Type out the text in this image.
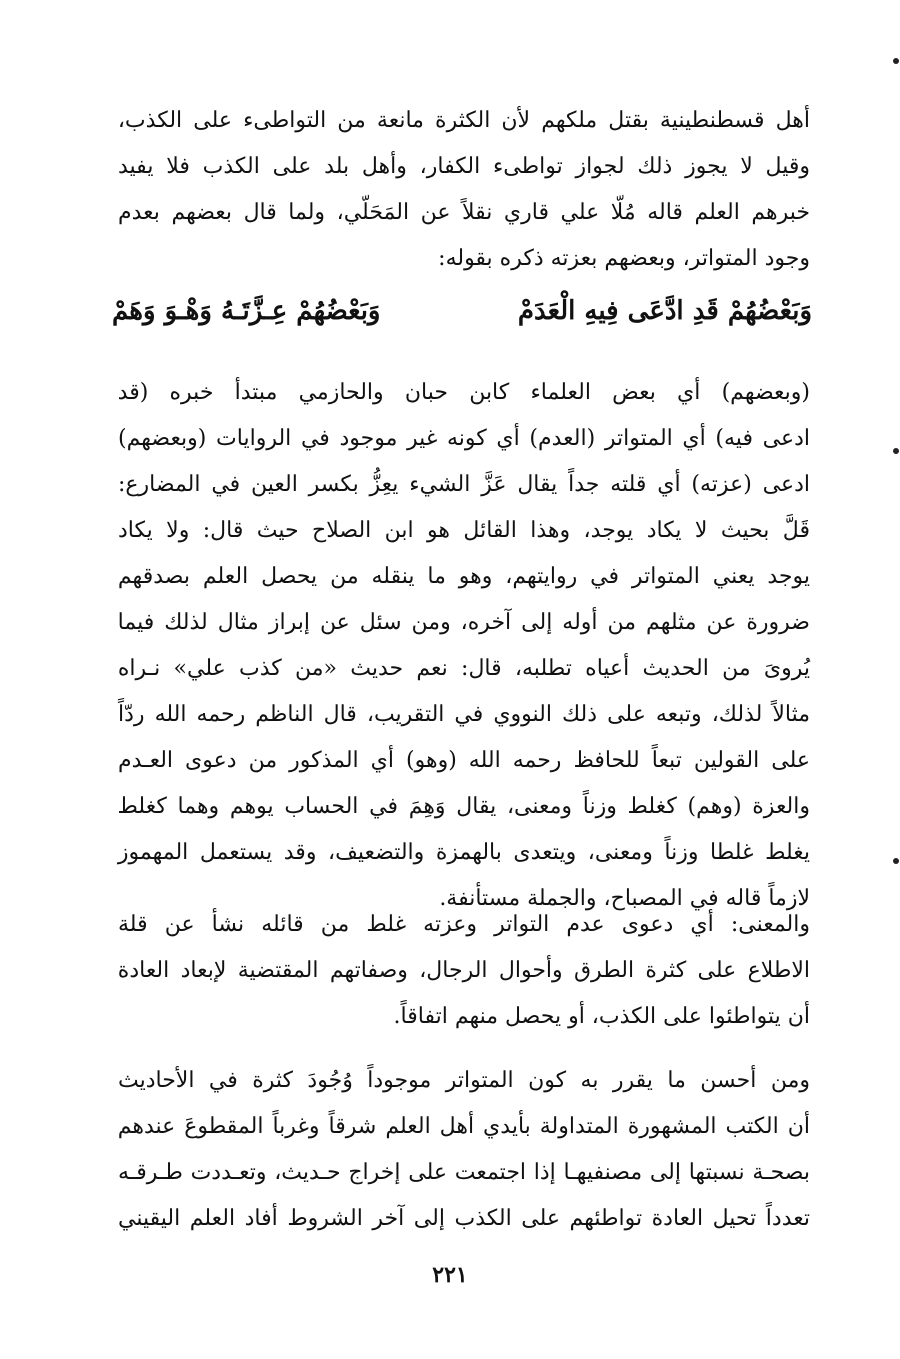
أهل قسطنطينية بقتل ملكهم لأن الكثرة مانعة من التواطىء على الكذب،
وقيل لا يجوز ذلك لجواز تواطىء الكفار، وأهل بلد على الكذب فلا يفيد
خبرهم العلم قاله مُلّا علي قاري نقلاً عن المَحَلّي، ولما قال بعضهم بعدم
وجود المتواتر، وبعضهم بعزته ذكره بقوله:
وَبَعْضُهُمْ قَدِ ادَّعَى فِيهِ الْعَدَمْ
وَبَعْضُهُمْ عِـزَّتَـهُ وَهْـوَ وَهَمْ
(وبعضهم) أي بعض العلماء كابن حبان والحازمي مبتدأ خبره (قد
ادعى فيه) أي المتواتر (العدم) أي كونه غير موجود في الروايات (وبعضهم)
ادعى (عزته) أي قلته جداً يقال عَزَّ الشيء يعِزُّ بكسر العين في المضارع:
قَلَّ بحيث لا يكاد يوجد، وهذا القائل هو ابن الصلاح حيث قال: ولا يكاد
يوجد يعني المتواتر في روايتهم، وهو ما ينقله من يحصل العلم بصدقهم
ضرورة عن مثلهم من أوله إلى آخره، ومن سئل عن إبراز مثال لذلك فيما
يُروىَ من الحديث أعياه تطلبه، قال: نعم حديث «من كذب علي» نـراه
مثالاً لذلك، وتبعه على ذلك النووي في التقريب، قال الناظم رحمه الله ردّاً
على القولين تبعاً للحافظ رحمه الله (وهو) أي المذكور من دعوى العـدم
والعزة (وهم) كغلط وزناً ومعنى، يقال وَهِمَ في الحساب يوهم وهما كغلط
يغلط غلطا وزناً ومعنى، ويتعدى بالهمزة والتضعيف، وقد يستعمل المهموز
لازماً قاله في المصباح، والجملة مستأنفة.
والمعنى: أي دعوى عدم التواتر وعزته غلط من قائله نشأ عن قلة
الاطلاع على كثرة الطرق وأحوال الرجال، وصفاتهم المقتضية لإبعاد العادة
أن يتواطئوا على الكذب، أو يحصل منهم اتفاقاً.
ومن أحسن ما يقرر به كون المتواتر موجوداً وُجُودَ كثرة في الأحاديث
أن الكتب المشهورة المتداولة بأيدي أهل العلم شرقاً وغرباً المقطوعَ عندهم
بصحـة نسبتها إلى مصنفيهـا إذا اجتمعت على إخراج حـديث، وتعـددت طـرقـه
تعدداً تحيل العادة تواطئهم على الكذب إلى آخر الشروط أفاد العلم اليقيني
٢٢١
